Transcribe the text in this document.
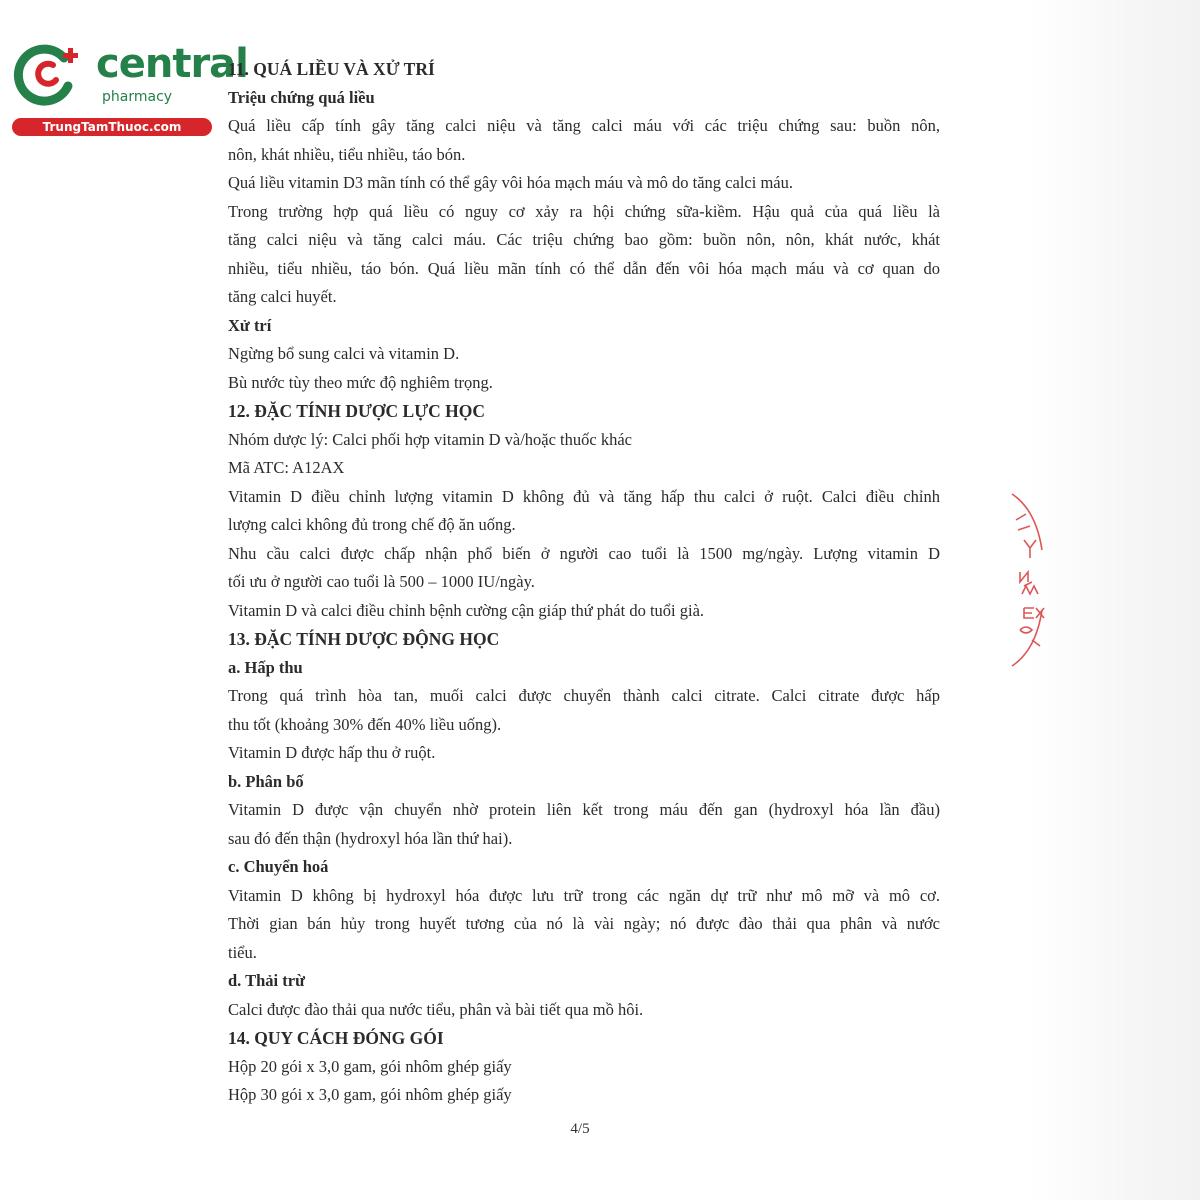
central
pharmacy
TrungTamThuoc.com
11. QUÁ LIỀU VÀ XỬ TRÍ
Triệu chứng quá liều
Quá liều cấp tính gây tăng calci niệu và tăng calci máu với các triệu chứng sau: buồn nôn,
nôn, khát nhiều, tiểu nhiều, táo bón.
Quá liều vitamin D3 mãn tính có thể gây vôi hóa mạch máu và mô do tăng calci máu.
Trong trường hợp quá liều có nguy cơ xảy ra hội chứng sữa-kiềm. Hậu quả của quá liều là
tăng calci niệu và tăng calci máu. Các triệu chứng bao gồm: buồn nôn, nôn, khát nước, khát
nhiều, tiểu nhiều, táo bón. Quá liều mãn tính có thể dẫn đến vôi hóa mạch máu và cơ quan do
tăng calci huyết.
Xử trí
Ngừng bổ sung calci và vitamin D.
Bù nước tùy theo mức độ nghiêm trọng.
12. ĐẶC TÍNH DƯỢC LỰC HỌC
Nhóm dược lý: Calci phối hợp vitamin D và/hoặc thuốc khác
Mã ATC: A12AX
Vitamin D điều chỉnh lượng vitamin D không đủ và tăng hấp thu calci ở ruột. Calci điều chỉnh
lượng calci không đủ trong chế độ ăn uống.
Nhu cầu calci được chấp nhận phổ biến ở người cao tuổi là 1500 mg/ngày. Lượng vitamin D
tối ưu ở người cao tuổi là 500 – 1000 IU/ngày.
Vitamin D và calci điều chỉnh bệnh cường cận giáp thứ phát do tuổi già.
13. ĐẶC TÍNH DƯỢC ĐỘNG HỌC
a. Hấp thu
Trong quá trình hòa tan, muối calci được chuyển thành calci citrate. Calci citrate được hấp
thu tốt (khoảng 30% đến 40% liều uống).
Vitamin D được hấp thu ở ruột.
b. Phân bố
Vitamin D được vận chuyển nhờ protein liên kết trong máu đến gan (hydroxyl hóa lần đầu)
sau đó đến thận (hydroxyl hóa lần thứ hai).
c. Chuyển hoá
Vitamin D không bị hydroxyl hóa được lưu trữ trong các ngăn dự trữ như mô mỡ và mô cơ.
Thời gian bán hủy trong huyết tương của nó là vài ngày; nó được đào thải qua phân và nước
tiểu.
d. Thải trừ
Calci được đào thải qua nước tiểu, phân và bài tiết qua mồ hôi.
14. QUY CÁCH ĐÓNG GÓI
Hộp 20 gói x 3,0 gam, gói nhôm ghép giấy
Hộp 30 gói x 3,0 gam, gói nhôm ghép giấy
4/5
